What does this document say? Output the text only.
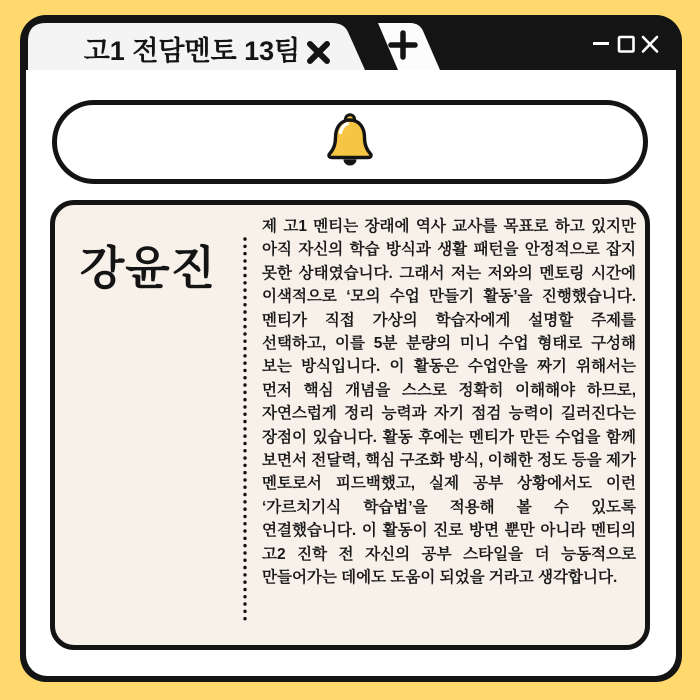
고1 전담멘토 13팀
강윤진
제 고1 멘티는 장래에 역사 교사를 목표로 하고 있지만 아직 자신의 학습 방식과 생활 패턴을 안정적으로 잡지 못한 상태였습니다. 그래서 저는 저와의 멘토링 시간에 이색적으로 ‘모의 수업 만들기 활동’을 진행했습니다. 멘티가 직접 가상의 학습자에게 설명할 주제를 선택하고, 이를 5분 분량의 미니 수업 형태로 구성해 보는 방식입니다. 이 활동은 수업안을 짜기 위해서는 먼저 핵심 개념을 스스로 정확히 이해해야 하므로, 자연스럽게 정리 능력과 자기 점검 능력이 길러진다는 장점이 있습니다. 활동 후에는 멘티가 만든 수업을 함께 보면서 전달력, 핵심 구조화 방식, 이해한 정도 등을 제가 멘토로서 피드백했고, 실제 공부 상황에서도 이런 ‘가르치기식 학습법’을 적용해 볼 수 있도록 연결했습니다. 이 활동이 진로 방면 뿐만 아니라 멘티의 고2 진학 전 자신의 공부 스타일을 더 능동적으로 만들어가는 데에도 도움이 되었을 거라고 생각합니다.
